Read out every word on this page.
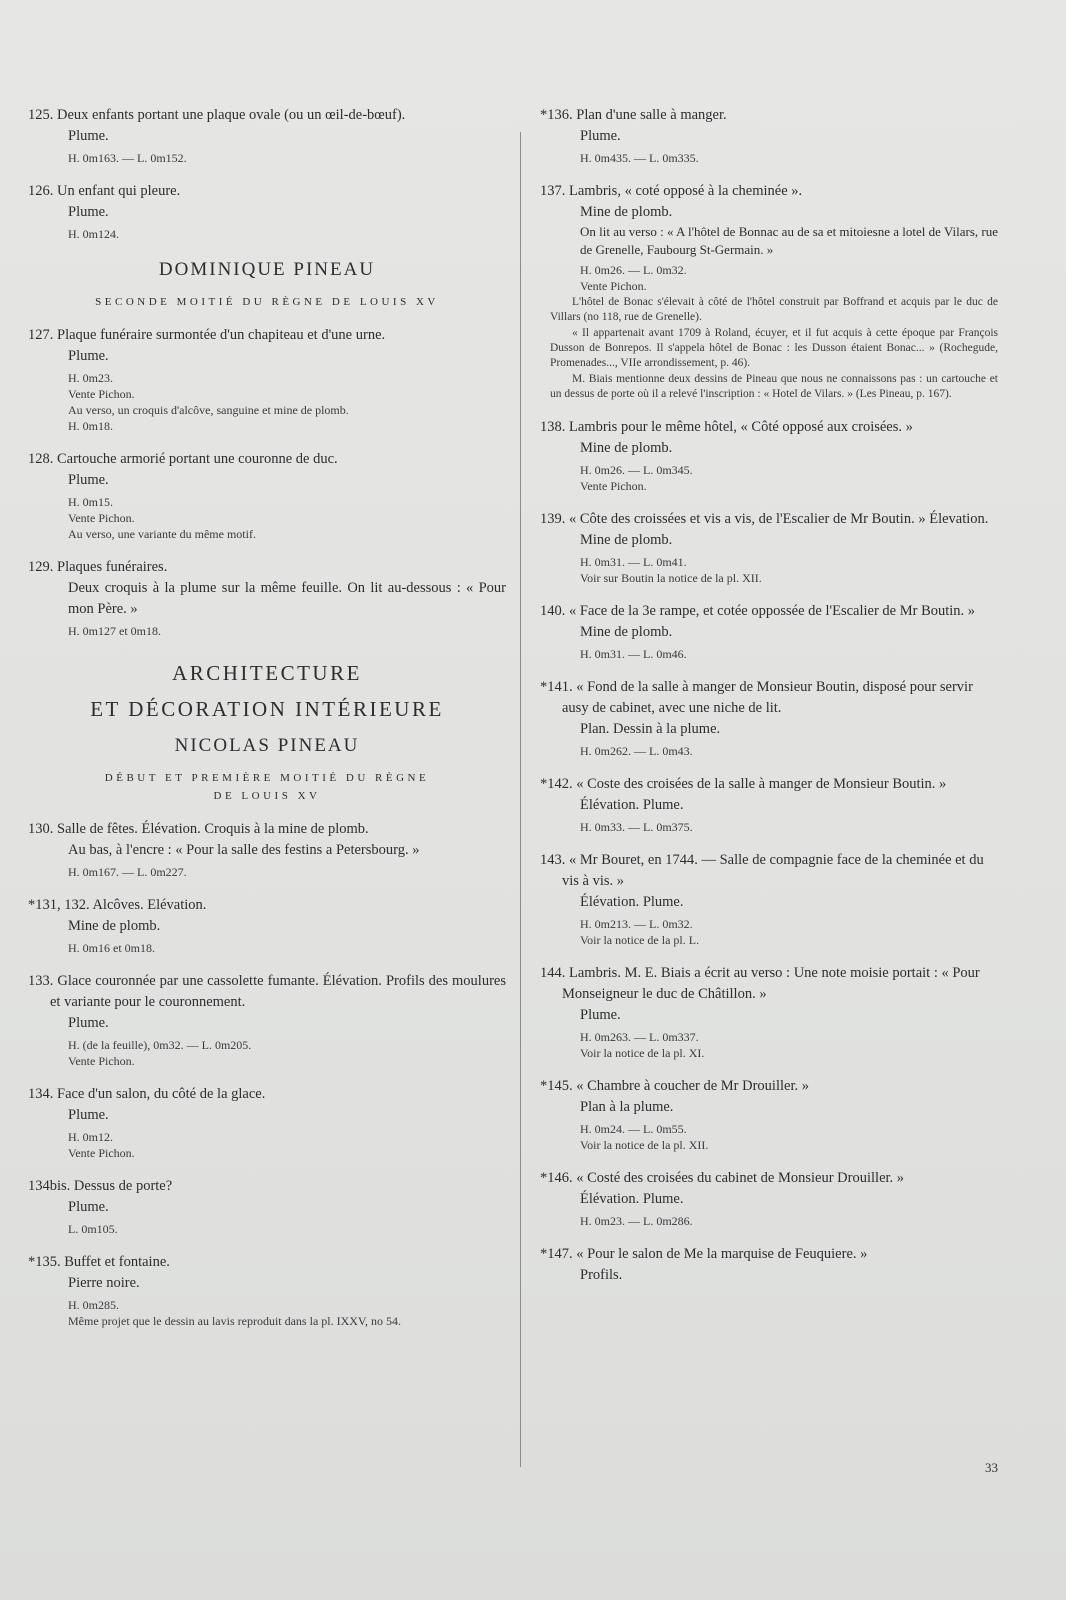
125. Deux enfants portant une plaque ovale (ou un œil-de-bœuf).
Plume.
H. 0m163. — L. 0m152.
126. Un enfant qui pleure.
Plume.
H. 0m124.
DOMINIQUE PINEAU
SECONDE MOITIÉ DU RÈGNE DE LOUIS XV
127. Plaque funéraire surmontée d'un chapiteau et d'une urne.
Plume.
H. 0m23.
Vente Pichon.
Au verso, un croquis d'alcôve, sanguine et mine de plomb.
H. 0m18.
128. Cartouche armorié portant une couronne de duc.
Plume.
H. 0m15.
Vente Pichon.
Au verso, une variante du même motif.
129. Plaques funéraires.
Deux croquis à la plume sur la même feuille. On lit au-dessous : « Pour mon Père. »
H. 0m127 et 0m18.
ARCHITECTURE
ET DÉCORATION INTÉRIEURE
NICOLAS PINEAU
DÉBUT ET PREMIÈRE MOITIÉ DU RÈGNE
DE LOUIS XV
130. Salle de fêtes. Élévation. Croquis à la mine de plomb.
Au bas, à l'encre : « Pour la salle des festins a Petersbourg. »
H. 0m167. — L. 0m227.
*131, 132. Alcôves. Elévation.
Mine de plomb.
H. 0m16 et 0m18.
133. Glace couronnée par une cassolette fumante. Élévation. Profils des moulures et variante pour le couronnement.
Plume.
H. (de la feuille), 0m32. — L. 0m205.
Vente Pichon.
134. Face d'un salon, du côté de la glace.
Plume.
H. 0m12.
Vente Pichon.
134bis. Dessus de porte?
Plume.
L. 0m105.
*135. Buffet et fontaine.
Pierre noire.
H. 0m285.
Même projet que le dessin au lavis reproduit dans la pl. IXXV, no 54.
*136. Plan d'une salle à manger.
Plume.
H. 0m435. — L. 0m335.
137. Lambris, « coté opposé à la cheminée ».
Mine de plomb.
On lit au verso : « A l'hôtel de Bonnac au de sa et mitoiesne a lotel de Vilars, rue de Grenelle, Faubourg St-Germain. »
H. 0m26. — L. 0m32.
Vente Pichon.
L'hôtel de Bonac s'élevait à côté de l'hôtel construit par Boffrand et acquis par le duc de Villars (no 118, rue de Grenelle).
« Il appartenait avant 1709 à Roland, écuyer, et il fut acquis à cette époque par François Dusson de Bonrepos. Il s'appela hôtel de Bonac : les Dusson étaient Bonac... » (Rochegude, Promenades..., VIIe arrondissement, p. 46).
M. Biais mentionne deux dessins de Pineau que nous ne connaissons pas : un cartouche et un dessus de porte où il a relevé l'inscription : « Hotel de Vilars. » (Les Pineau, p. 167).
138. Lambris pour le même hôtel, « Côté opposé aux croisées. »
Mine de plomb.
H. 0m26. — L. 0m345.
Vente Pichon.
139. « Côte des croissées et vis a vis, de l'Escalier de Mr Boutin. » Élevation.
Mine de plomb.
H. 0m31. — L. 0m41.
Voir sur Boutin la notice de la pl. XII.
140. « Face de la 3e rampe, et cotée oppossée de l'Escalier de Mr Boutin. »
Mine de plomb.
H. 0m31. — L. 0m46.
*141. « Fond de la salle à manger de Monsieur Boutin, disposé pour servir ausy de cabinet, avec une niche de lit.
Plan. Dessin à la plume.
H. 0m262. — L. 0m43.
*142. « Coste des croisées de la salle à manger de Monsieur Boutin. »
Élévation. Plume.
H. 0m33. — L. 0m375.
143. « Mr Bouret, en 1744. — Salle de compagnie face de la cheminée et du vis à vis. »
Élévation. Plume.
H. 0m213. — L. 0m32.
Voir la notice de la pl. L.
144. Lambris. M. E. Biais a écrit au verso : Une note moisie portait : « Pour Monseigneur le duc de Châtillon. »
Plume.
H. 0m263. — L. 0m337.
Voir la notice de la pl. XI.
*145. « Chambre à coucher de Mr Drouiller. »
Plan à la plume.
H. 0m24. — L. 0m55.
Voir la notice de la pl. XII.
*146. « Costé des croisées du cabinet de Monsieur Drouiller. »
Élévation. Plume.
H. 0m23. — L. 0m286.
*147. « Pour le salon de Me la marquise de Feuquiere. »
Profils.
33
